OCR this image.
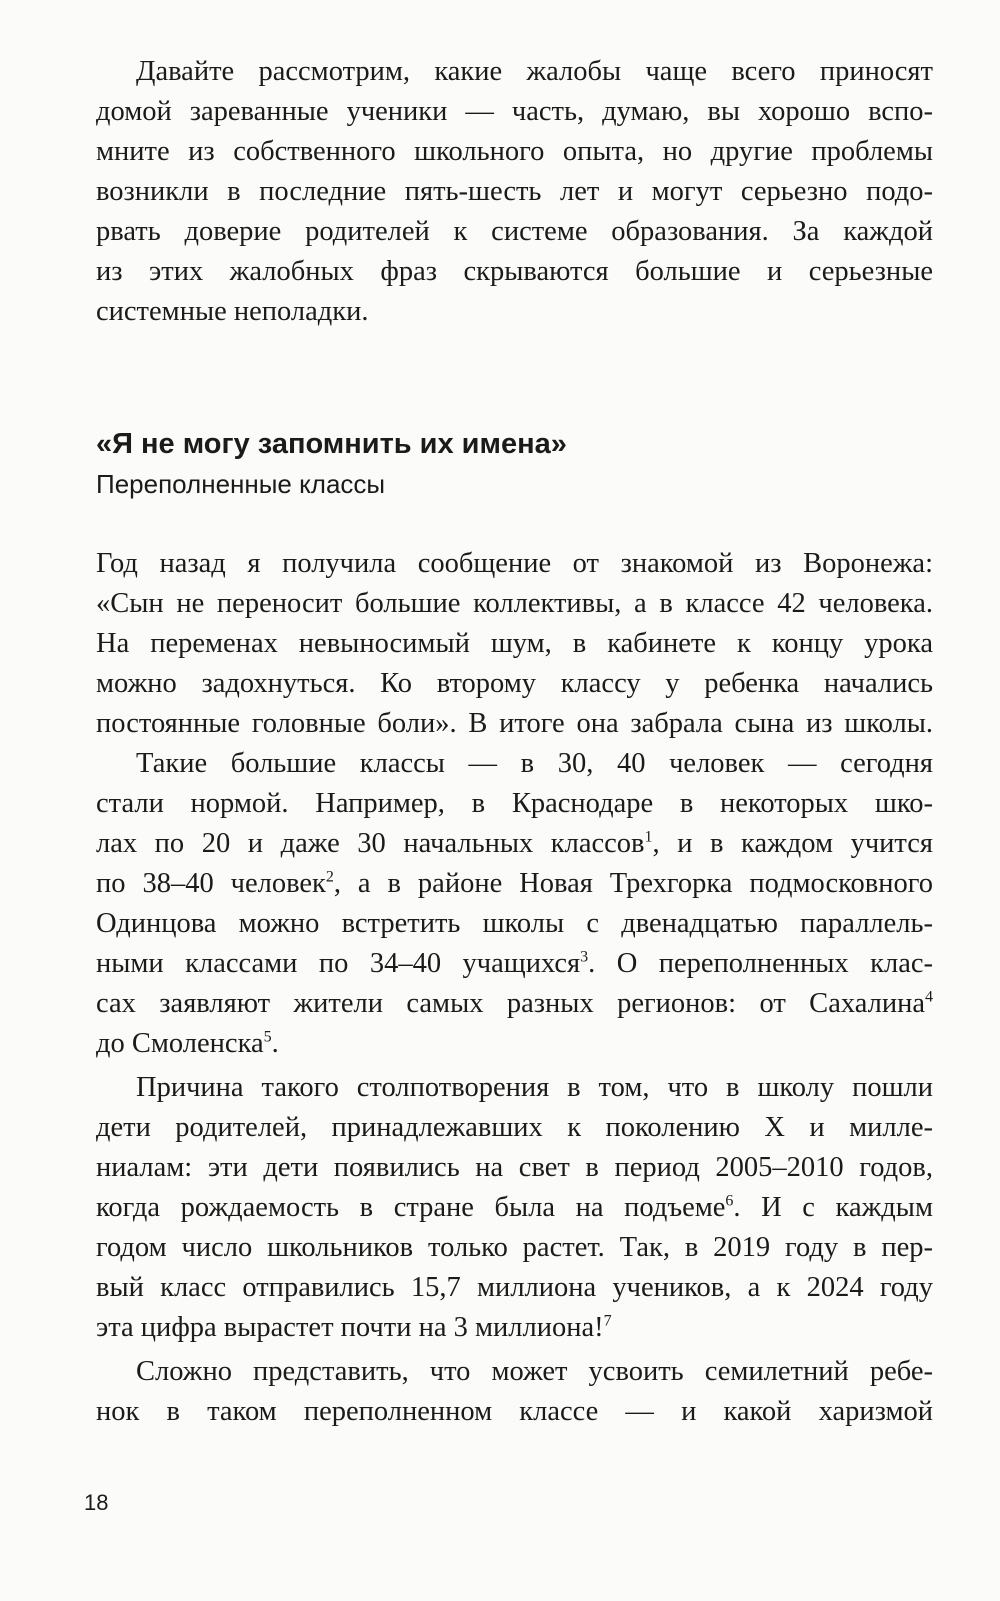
Давайте рассмотрим, какие жалобы чаще всего приносят
домой зареванные ученики — часть, думаю, вы хорошо вспо-
мните из собственного школьного опыта, но другие проблемы
возникли в последние пять-шесть лет и могут серьезно подо-
рвать доверие родителей к системе образования. За каждой
из этих жалобных фраз скрываются большие и серьезные
системные неполадки.
«Я не могу запомнить их имена»
Переполненные классы
Год назад я получила сообщение от знакомой из Воронежа:
«Сын не переносит большие коллективы, а в классе 42 человека.
На переменах невыносимый шум, в кабинете к концу урока
можно задохнуться. Ко второму классу у ребенка начались
постоянные головные боли». В итоге она забрала сына из школы.
Такие большие классы — в 30, 40 человек — сегодня
стали нормой. Например, в Краснодаре в некоторых шко-
лах по 20 и даже 30 начальных классов$^1$, и в каждом учится
по 38–40 человек$^2$, а в районе Новая Трехгорка подмосковного
Одинцова можно встретить школы с двенадцатью параллель-
ными классами по 34–40 учащихся$^3$. О переполненных клас-
сах заявляют жители самых разных регионов: от Сахалина$^4$
до Смоленска$^5$.
Причина такого столпотворения в том, что в школу пошли
дети родителей, принадлежавших к поколению X и милле-
ниалам: эти дети появились на свет в период 2005–2010 годов,
когда рождаемость в стране была на подъеме$^6$. И с каждым
годом число школьников только растет. Так, в 2019 году в пер-
вый класс отправились 15,7 миллиона учеников, а к 2024 году
эта цифра вырастет почти на 3 миллиона!$^7$
Сложно представить, что может усвоить семилетний ребе-
нок в таком переполненном классе — и какой харизмой
18
